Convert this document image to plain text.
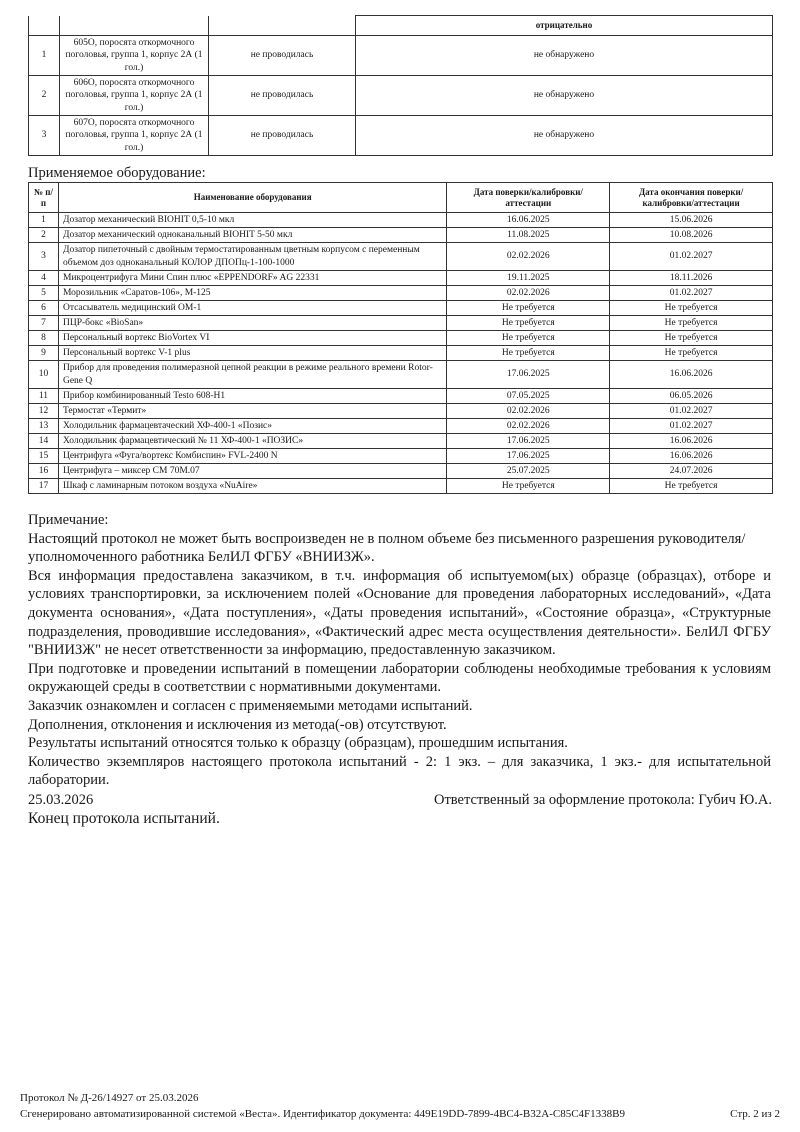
			отрицательно
1	605О, поросята откормочного поголовья, группа 1, корпус 2А (1 гол.)	не проводилась	не обнаружено
2	606О, поросята откормочного поголовья, группа 1, корпус 2А (1 гол.)	не проводилась	не обнаружено
3	607О, поросята откормочного поголовья, группа 1, корпус 2А (1 гол.)	не проводилась	не обнаружено
Применяемое оборудование:
№ п/п	Наименование оборудования	Дата поверки/калибровки/аттестации	Дата окончания поверки/калибровки/аттестации
1	Дозатор механический BIOHIT 0,5-10 мкл	16.06.2025	15.06.2026
2	Дозатор механический одноканальный BIOHIT 5-50 мкл	11.08.2025	10.08.2026
3	Дозатор пипеточный с двойным термостатированным цветным корпусом с переменным объемом доз одноканальный КОЛОР ДПОПц-1-100-1000	02.02.2026	01.02.2027
4	Микроцентрифуга Мини Спин плюс «EPPENDORF» AG 22331	19.11.2025	18.11.2026
5	Морозильник «Саратов-106», М-125	02.02.2026	01.02.2027
6	Отсасыватель медицинский ОМ-1	Не требуется	Не требуется
7	ПЦР-бокс «BioSan»	Не требуется	Не требуется
8	Персональный вортекс BioVortex VI	Не требуется	Не требуется
9	Персональный вортекс V-1 plus	Не требуется	Не требуется
10	Прибор для проведения полимеразной цепной реакции в режиме реального времени Rotor-Gene Q	17.06.2025	16.06.2026
11	Прибор комбинированный Testo 608-H1	07.05.2025	06.05.2026
12	Термостат «Термит»	02.02.2026	01.02.2027
13	Холодильник фармацевтаческий ХФ-400-1 «Позис»	02.02.2026	01.02.2027
14	Холодильник фармацевтический № 11 ХФ-400-1 «ПОЗИС»	17.06.2025	16.06.2026
15	Центрифуга «Фуга/вортекс Комбиспин» FVL-2400 N	17.06.2025	16.06.2026
16	Центрифуга – миксер СМ 70М.07	25.07.2025	24.07.2026
17	Шкаф с ламинарным потоком воздуха «NuAire»	Не требуется	Не требуется

Примечание:

Настоящий протокол не может быть воспроизведен не в полном объеме без письменного разрешения руководителя/уполномоченного работника БелИЛ ФГБУ «ВНИИЗЖ».

Вся информация предоставлена заказчиком, в т.ч. информация об испытуемом(ых) образце (образцах), отборе и условиях транспортировки, за исключением полей «Основание для проведения лабораторных исследований», «Дата документа основания», «Дата поступления», «Даты проведения испытаний», «Состояние образца», «Структурные подразделения, проводившие исследования», «Фактический адрес места осуществления деятельности». БелИЛ ФГБУ "ВНИИЗЖ" не несет ответственности за информацию, предоставленную заказчиком.

При подготовке и проведении испытаний в помещении лаборатории соблюдены необходимые требования к условиям окружающей среды в соответствии с нормативными документами.

Заказчик ознакомлен и согласен с применяемыми методами испытаний.

Дополнения, отклонения и исключения из метода(-ов) отсутствуют.

Результаты испытаний относятся только к образцу (образцам), прошедшим испытания.

Количество экземпляров настоящего протокола испытаний - 2: 1 экз. – для заказчика, 1 экз.- для испытательной лаборатории.

25.03.2026	Ответственный за оформление протокола: Губич Ю.А.
Конец протокола испытаний.
Протокол № Д-26/14927 от 25.03.2026
Сгенерировано автоматизированной системой «Веста». Идентификатор документа: 449E19DD-7899-4BC4-B32A-C85C4F1338B9	Стр. 2 из 2
